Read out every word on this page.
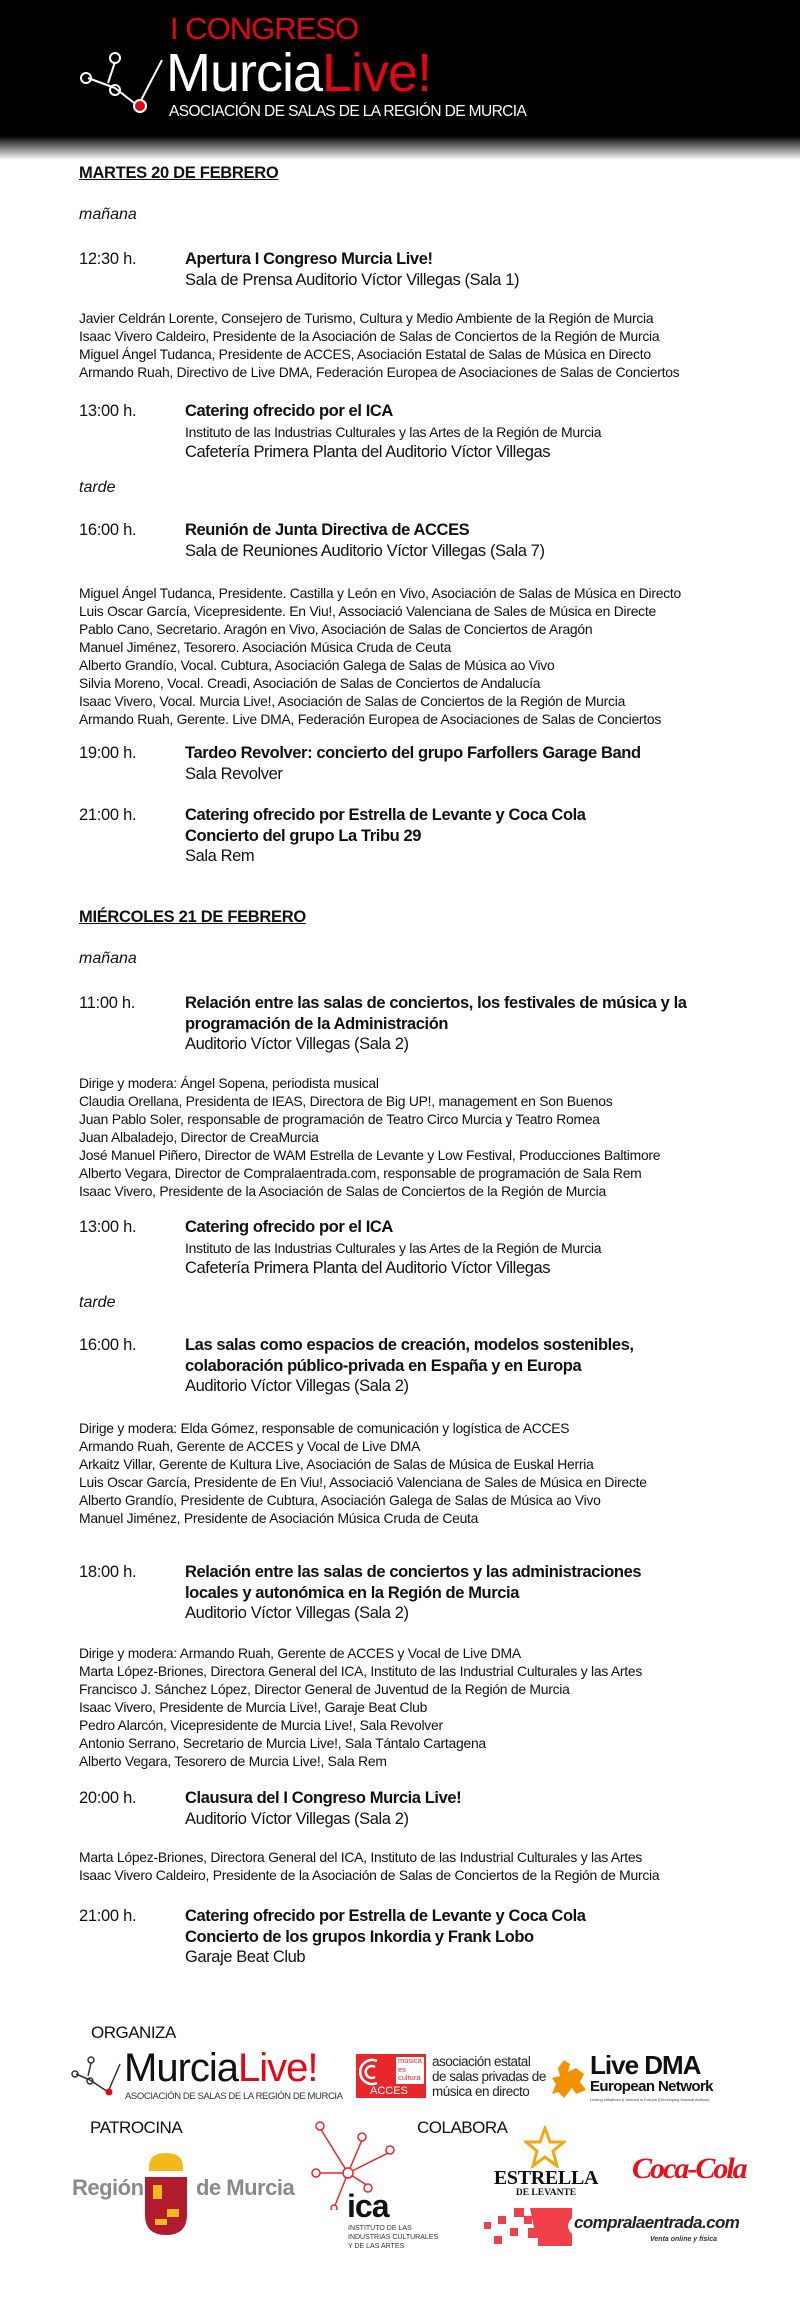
I CONGRESO
MurciaLive!
ASOCIACIÓN DE SALAS DE LA REGIÓN DE MURCIA
MARTES 20 DE FEBRERO
mañana
12:30 h.	Apertura I Congreso Murcia Live!
Sala de Prensa Auditorio Víctor Villegas (Sala 1)
Javier Celdrán Lorente, Consejero de Turismo, Cultura y Medio Ambiente de la Región de Murcia
Isaac Vivero Caldeiro, Presidente de la Asociación de Salas de Conciertos de la Región de Murcia
Miguel Ángel Tudanca, Presidente de ACCES, Asociación Estatal de Salas de Música en Directo
Armando Ruah, Directivo de Live DMA, Federación Europea de Asociaciones de Salas de Conciertos
13:00 h.	Catering ofrecido por el ICA
Instituto de las Industrias Culturales y las Artes de la Región de Murcia
Cafetería Primera Planta del Auditorio Víctor Villegas
tarde
16:00 h.	Reunión de Junta Directiva de ACCES
Sala de Reuniones Auditorio Víctor Villegas (Sala 7)
Miguel Ángel Tudanca, Presidente. Castilla y León en Vivo, Asociación de Salas de Música en Directo
Luis Oscar García, Vicepresidente. En Viu!, Associació Valenciana de Sales de Música en Directe
Pablo Cano, Secretario. Aragón en Vivo, Asociación de Salas de Conciertos de Aragón
Manuel Jiménez, Tesorero. Asociación Música Cruda de Ceuta
Alberto Grandío, Vocal. Cubtura, Asociación Galega de Salas de Música ao Vivo
Silvia Moreno, Vocal. Creadi, Asociación de Salas de Conciertos de Andalucía
Isaac Vivero, Vocal. Murcia Live!, Asociación de Salas de Conciertos de la Región de Murcia
Armando Ruah, Gerente. Live DMA, Federación Europea de Asociaciones de Salas de Conciertos
19:00 h.	Tardeo Revolver: concierto del grupo Farfollers Garage Band
Sala Revolver
21:00 h.	Catering ofrecido por Estrella de Levante y Coca Cola
Concierto del grupo La Tribu 29
Sala Rem
MIÉRCOLES 21 DE FEBRERO
mañana
11:00 h.	Relación entre las salas de conciertos, los festivales de música y la
programación de la Administración
Auditorio Víctor Villegas (Sala 2)
Dirige y modera: Ángel Sopena, periodista musical
Claudia Orellana, Presidenta de IEAS, Directora de Big UP!, management en Son Buenos
Juan Pablo Soler, responsable de programación de Teatro Circo Murcia y Teatro Romea
Juan Albaladejo, Director de CreaMurcia
José Manuel Piñero, Director de WAM Estrella de Levante y Low Festival, Producciones Baltimore
Alberto Vegara, Director de Compralaentrada.com, responsable de programación de Sala Rem
Isaac Vivero, Presidente de la Asociación de Salas de Conciertos de la Región de Murcia
13:00 h.	Catering ofrecido por el ICA
Instituto de las Industrias Culturales y las Artes de la Región de Murcia
Cafetería Primera Planta del Auditorio Víctor Villegas
tarde
16:00 h.	Las salas como espacios de creación, modelos sostenibles,
colaboración público-privada en España y en Europa
Auditorio Víctor Villegas (Sala 2)
Dirige y modera: Elda Gómez, responsable de comunicación y logística de ACCES
Armando Ruah, Gerente de ACCES y Vocal de Live DMA
Arkaitz Villar, Gerente de Kultura Live, Asociación de Salas de Música de Euskal Herria
Luis Oscar García, Presidente de En Viu!, Associació Valenciana de Sales de Música en Directe
Alberto Grandío, Presidente de Cubtura, Asociación Galega de Salas de Música ao Vivo
Manuel Jiménez, Presidente de Asociación Música Cruda de Ceuta
18:00 h.	Relación entre las salas de conciertos y las administraciones
locales y autonómica en la Región de Murcia
Auditorio Víctor Villegas (Sala 2)
Dirige y modera: Armando Ruah, Gerente de ACCES y Vocal de Live DMA
Marta López-Briones, Directora General del ICA, Instituto de las Industrial Culturales y las Artes
Francisco J. Sánchez López, Director General de Juventud de la Región de Murcia
Isaac Vivero, Presidente de Murcia Live!, Garaje Beat Club
Pedro Alarcón, Vicepresidente de Murcia Live!, Sala Revolver
Antonio Serrano, Secretario de Murcia Live!, Sala Tántalo Cartagena
Alberto Vegara, Tesorero de Murcia Live!, Sala Rem
20:00 h.	Clausura del I Congreso Murcia Live!
Auditorio Víctor Villegas (Sala 2)
Marta López-Briones, Directora General del ICA, Instituto de las Industrial Culturales y las Artes
Isaac Vivero Caldeiro, Presidente de la Asociación de Salas de Conciertos de la Región de Murcia
21:00 h.	Catering ofrecido por Estrella de Levante y Coca Cola
Concierto de los grupos Inkordia y Frank Lobo
Garaje Beat Club
ORGANIZA
MurciaLive!
ASOCIACIÓN DE SALAS DE LA REGIÓN DE MURCIA
música
es
cultura
ACCES
asociación estatal
de salas privadas de
música en directo
Live DMA
European Network
Linking Initiatives & Venues in Europe (Developing Musical Actions)
PATROCINA
Región de Murcia
ica
INSTITUTO DE LAS
INDUSTRIAS CULTURALES
Y DE LAS ARTES
COLABORA
ESTRELLA
DE LEVANTE
Coca-Cola
compralaentrada.com
Venta online y física
